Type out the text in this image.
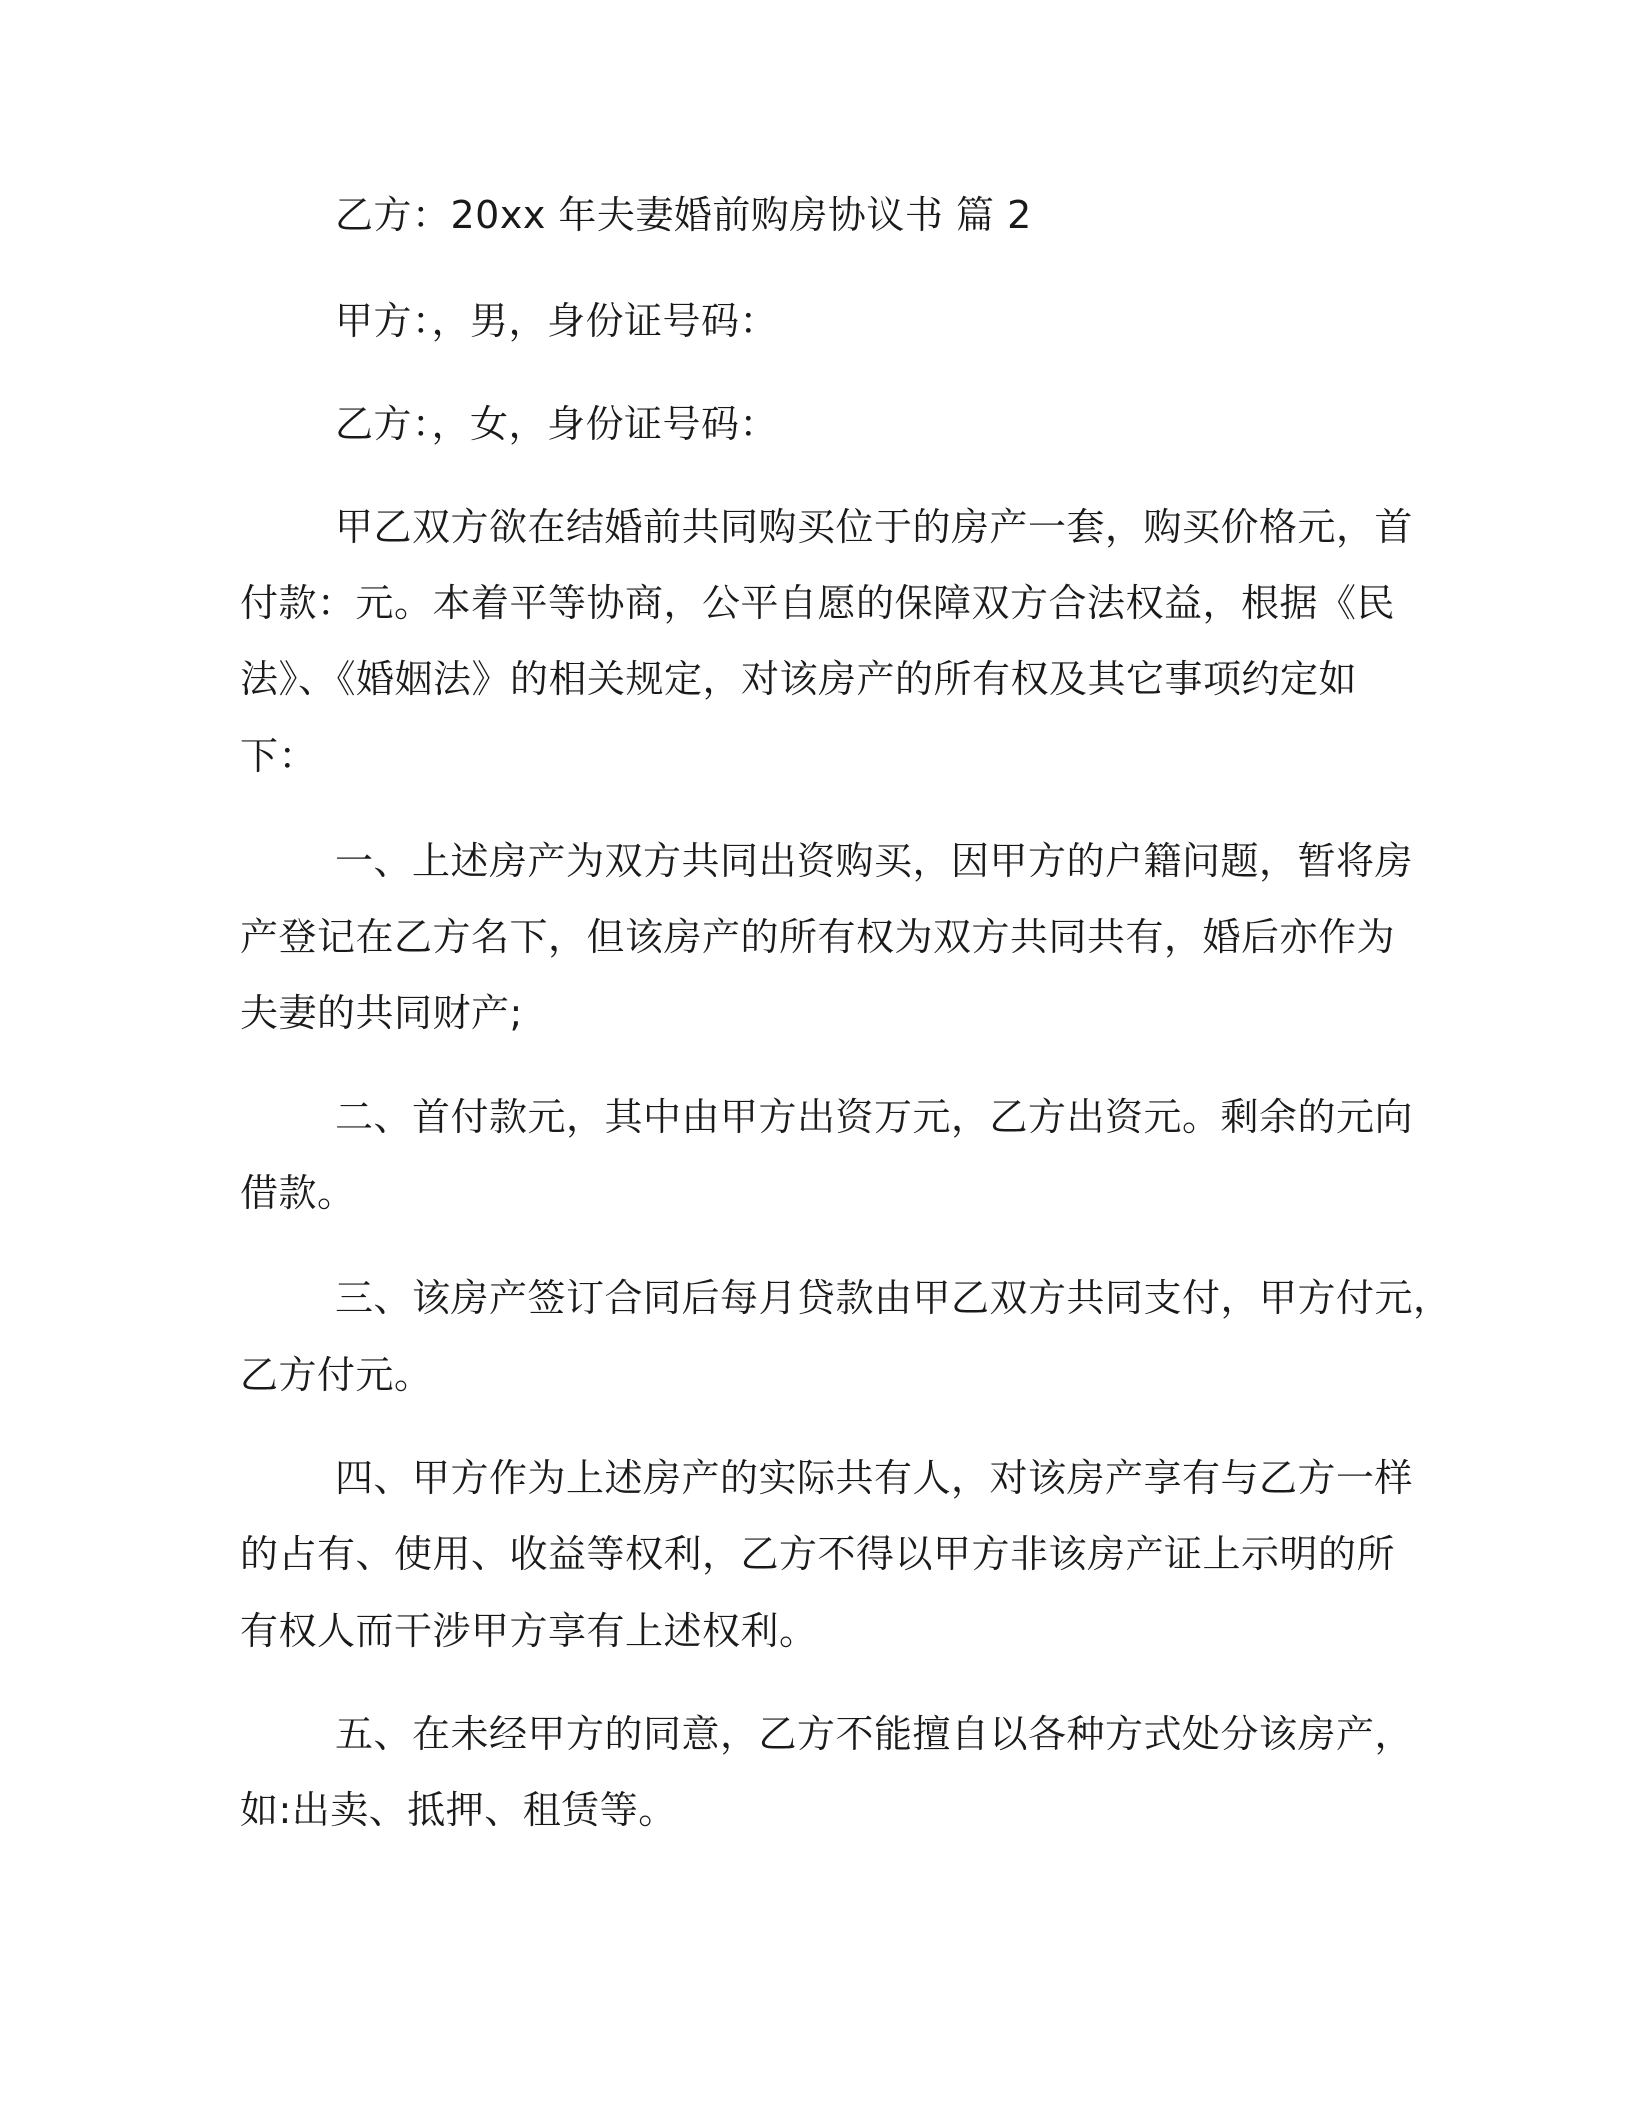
乙方：20xx 年夫妻婚前购房协议书 篇 2
甲方：，男，身份证号码：
乙方：，女，身份证号码：
甲乙双方欲在结婚前共同购买位于的房产一套，购买价格元，首
付款：元。本着平等协商，公平自愿的保障双方合法权益，根据《民
法》、《婚姻法》的相关规定，对该房产的所有权及其它事项约定如
下：
一、上述房产为双方共同出资购买，因甲方的户籍问题，暂将房
产登记在乙方名下，但该房产的所有权为双方共同共有，婚后亦作为
夫妻的共同财产;
二、首付款元，其中由甲方出资万元，乙方出资元。剩余的元向
借款。
三、该房产签订合同后每月贷款由甲乙双方共同支付，甲方付元，
乙方付元。
四、甲方作为上述房产的实际共有人，对该房产享有与乙方一样
的占有、使用、收益等权利，乙方不得以甲方非该房产证上示明的所
有权人而干涉甲方享有上述权利。
五、在未经甲方的同意，乙方不能擅自以各种方式处分该房产，
如:出卖、抵押、租赁等。
